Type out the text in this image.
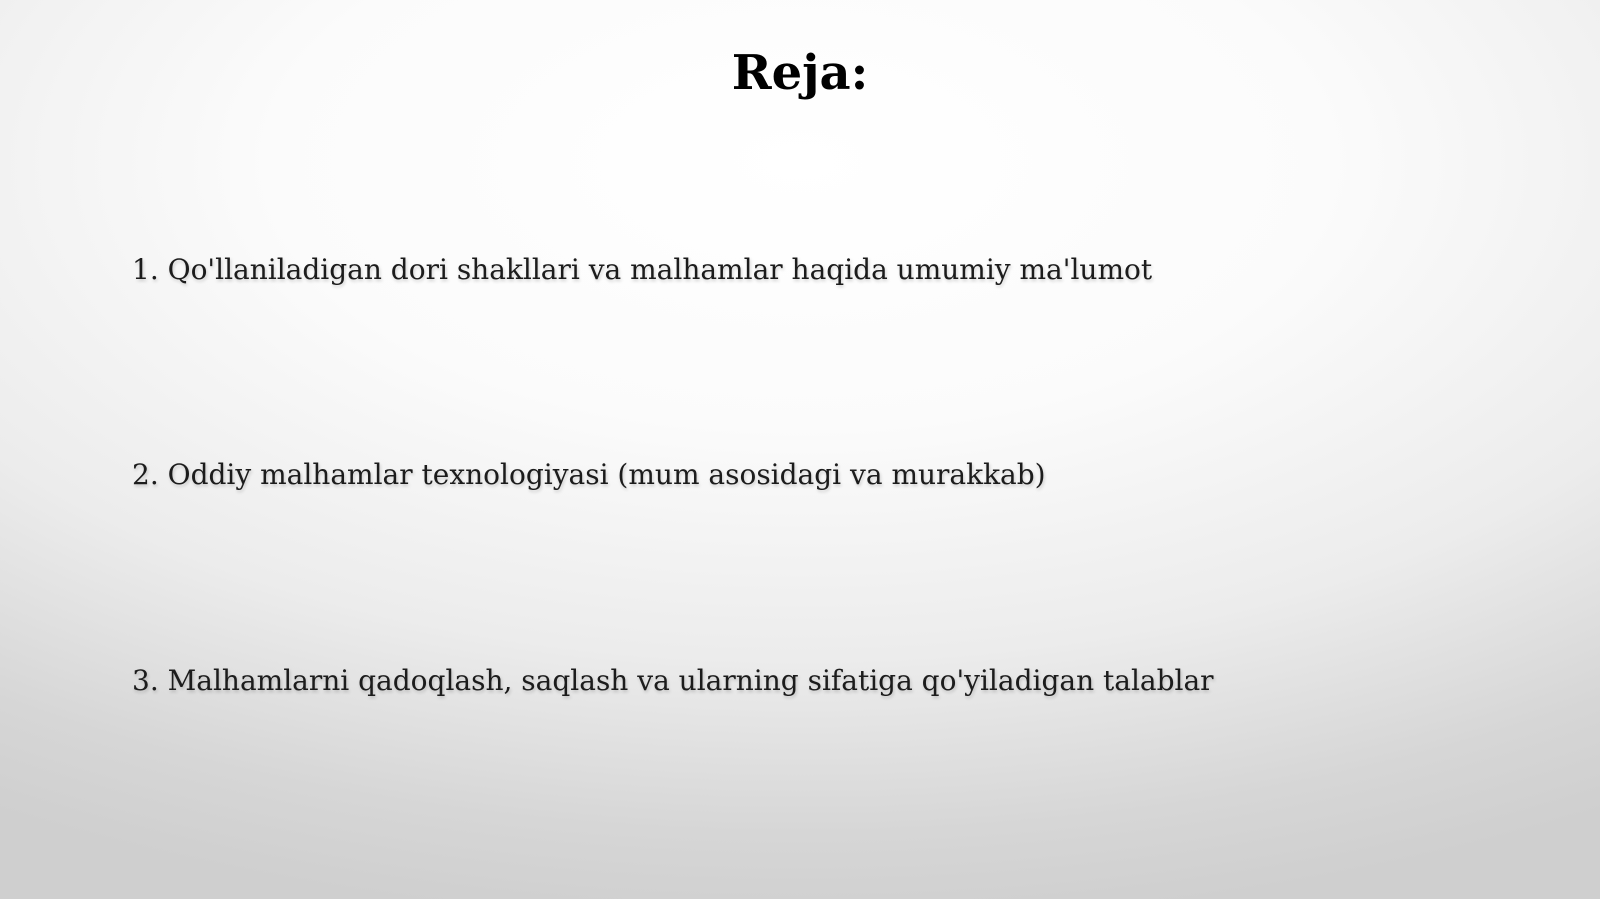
Reja:

1. Qo'llaniladigan dori shakllari va malhamlar haqida umumiy ma'lumot

2. Oddiy malhamlar texnologiyasi (mum asosidagi va murakkab)

3. Malhamlarni qadoqlash, saqlash va ularning sifatiga qo'yiladigan talablar
